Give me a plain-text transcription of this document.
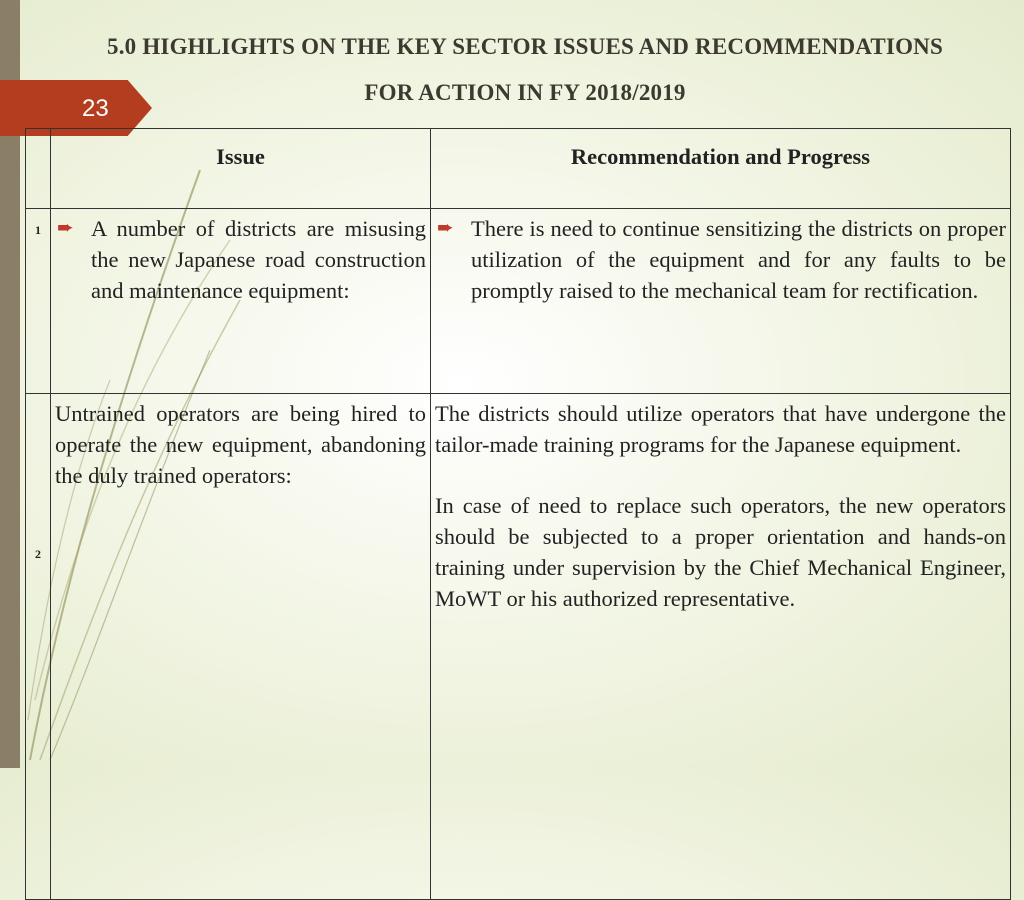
5.0 HIGHLIGHTS ON THE KEY SECTOR ISSUES AND RECOMMENDATIONS
FOR ACTION IN FY 2018/2019
23
	Issue	Recommendation and Progress
1	➨ A number of districts are misusing the new Japanese road construction and maintenance equipment:	➨ There is need to continue sensitizing the districts on proper utilization of the equipment and for any faults to be promptly raised to the mechanical team for rectification.

2	Untrained operators are being hired to operate the new equipment, abandoning the duly trained operators:	The districts should utilize operators that have undergone the tailor-made training programs for the Japanese equipment.
In case of need to replace such operators, the new operators should be subjected to a proper orientation and hands-on training under supervision by the Chief Mechanical Engineer, MoWT or his authorized representative.
